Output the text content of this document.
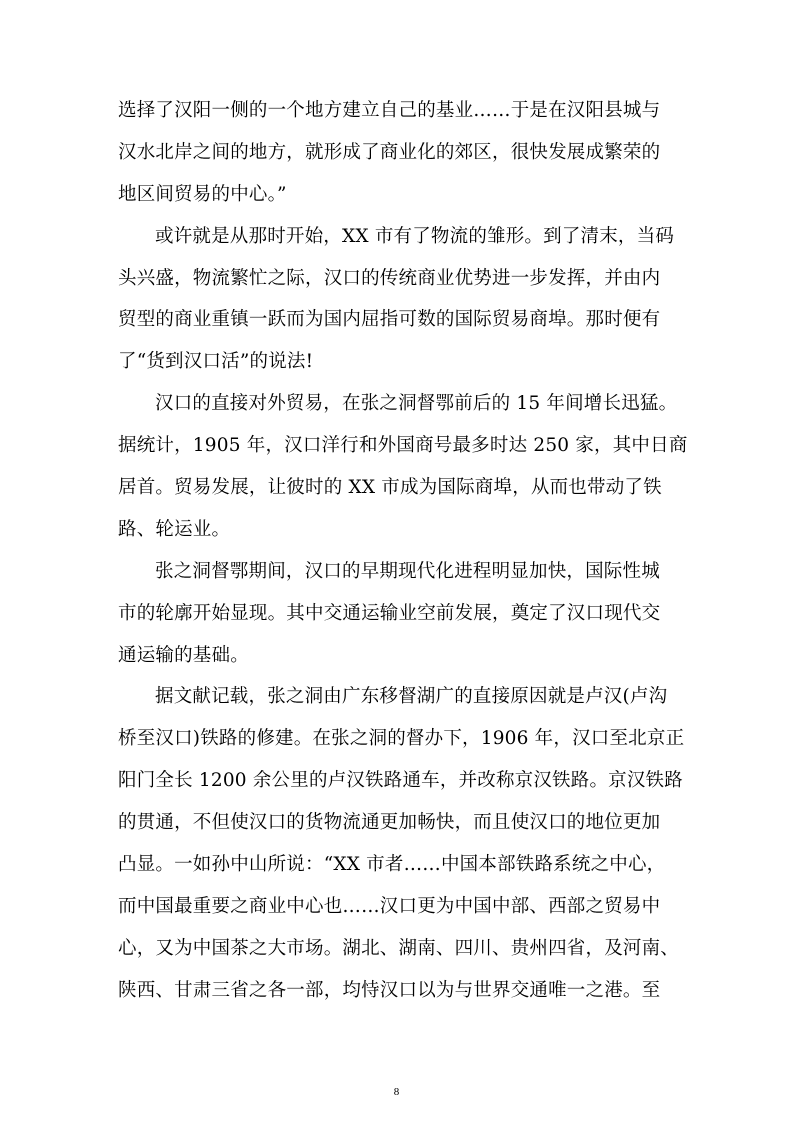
选择了汉阳一侧的一个地方建立自己的基业……于是在汉阳县城与
汉水北岸之间的地方，就形成了商业化的郊区，很快发展成繁荣的
地区间贸易的中心。”
或许就是从那时开始，XX 市有了物流的雏形。到了清末，当码
头兴盛，物流繁忙之际，汉口的传统商业优势进一步发挥，并由内
贸型的商业重镇一跃而为国内屈指可数的国际贸易商埠。那时便有
了“货到汉口活”的说法!
汉口的直接对外贸易，在张之洞督鄂前后的 15 年间增长迅猛。
据统计，1905 年，汉口洋行和外国商号最多时达 250 家，其中日商
居首。贸易发展，让彼时的 XX 市成为国际商埠，从而也带动了铁
路、轮运业。
张之洞督鄂期间，汉口的早期现代化进程明显加快，国际性城
市的轮廓开始显现。其中交通运输业空前发展，奠定了汉口现代交
通运输的基础。
据文献记载，张之洞由广东移督湖广的直接原因就是卢汉(卢沟
桥至汉口)铁路的修建。在张之洞的督办下，1906 年，汉口至北京正
阳门全长 1200 余公里的卢汉铁路通车，并改称京汉铁路。京汉铁路
的贯通，不但使汉口的货物流通更加畅快，而且使汉口的地位更加
凸显。一如孙中山所说：“XX 市者……中国本部铁路系统之中心，
而中国最重要之商业中心也……汉口更为中国中部、西部之贸易中
心，又为中国茶之大市场。湖北、湖南、四川、贵州四省，及河南、
陕西、甘肃三省之各一部，均恃汉口以为与世界交通唯一之港。至
8
